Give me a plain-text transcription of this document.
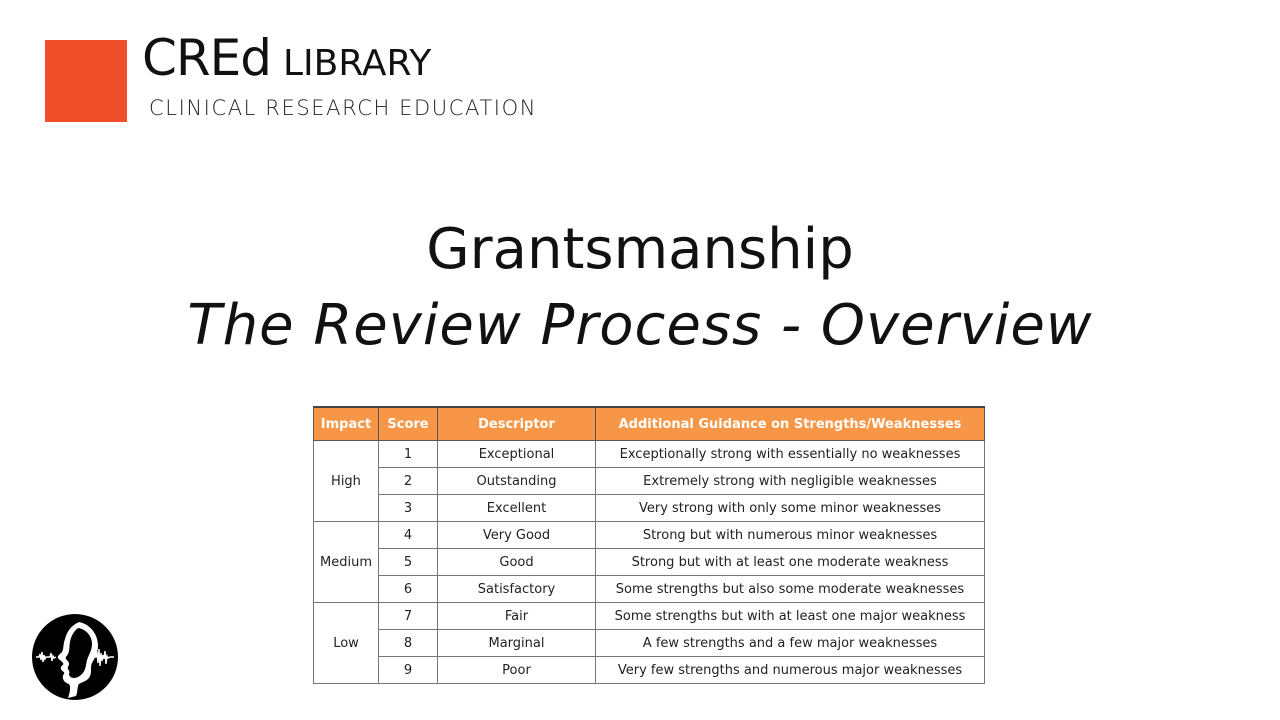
CREd LIBRARY
CLINICAL RESEARCH EDUCATION
Grantsmanship
The Review Process - Overview
Impact	Score	Descriptor	Additional Guidance on Strengths/Weaknesses
High	1	Exceptional	Exceptionally strong with essentially no weaknesses
	2	Outstanding	Extremely strong with negligible weaknesses
	3	Excellent	Very strong with only some minor weaknesses
Medium	4	Very Good	Strong but with numerous minor weaknesses
	5	Good	Strong but with at least one moderate weakness
	6	Satisfactory	Some strengths but also some moderate weaknesses
Low	7	Fair	Some strengths but with at least one major weakness
	8	Marginal	A few strengths and a few major weaknesses
	9	Poor	Very few strengths and numerous major weaknesses
